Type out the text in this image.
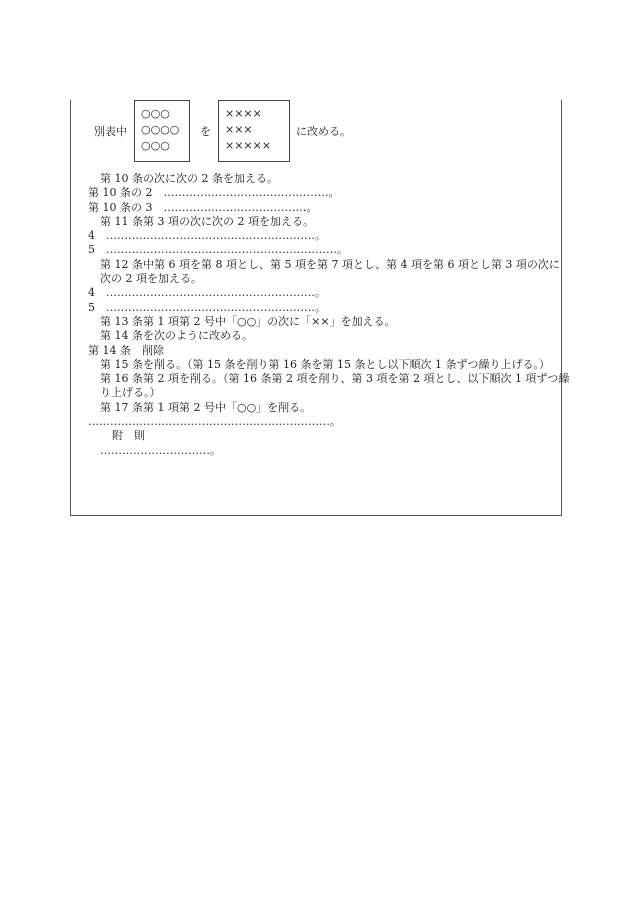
別表中
○○○
○○○○
○○○
を
××××
×××
×××××
に改める。
第 10 条の次に次の 2 条を加える。
第 10 条の 2　………………………………………。
第 10 条の 3　…………………………………。
第 11 条第 3 項の次に次の 2 項を加える。
4　…………………………………………………。
5　………………………………………………………。
第 12 条中第 6 項を第 8 項とし、第 5 項を第 7 項とし、第 4 項を第 6 項とし第 3 項の次に次の 2 項を加える。
4　…………………………………………………。
5　…………………………………………………。
第 13 条第 1 項第 2 号中「○○」の次に「××」を加える。
第 14 条を次のように改める。
第 14 条　削除
第 15 条を削る。（第 15 条を削り第 16 条を第 15 条とし以下順次 1 条ずつ繰り上げる。）
第 16 条第 2 項を削る。（第 16 条第 2 項を削り、第 3 項を第 2 項とし、以下順次 1 項ずつ繰り上げる。）
第 17 条第 1 項第 2 号中「○○」を削る。
…………………………………………………………。
附　則
…………………………。
